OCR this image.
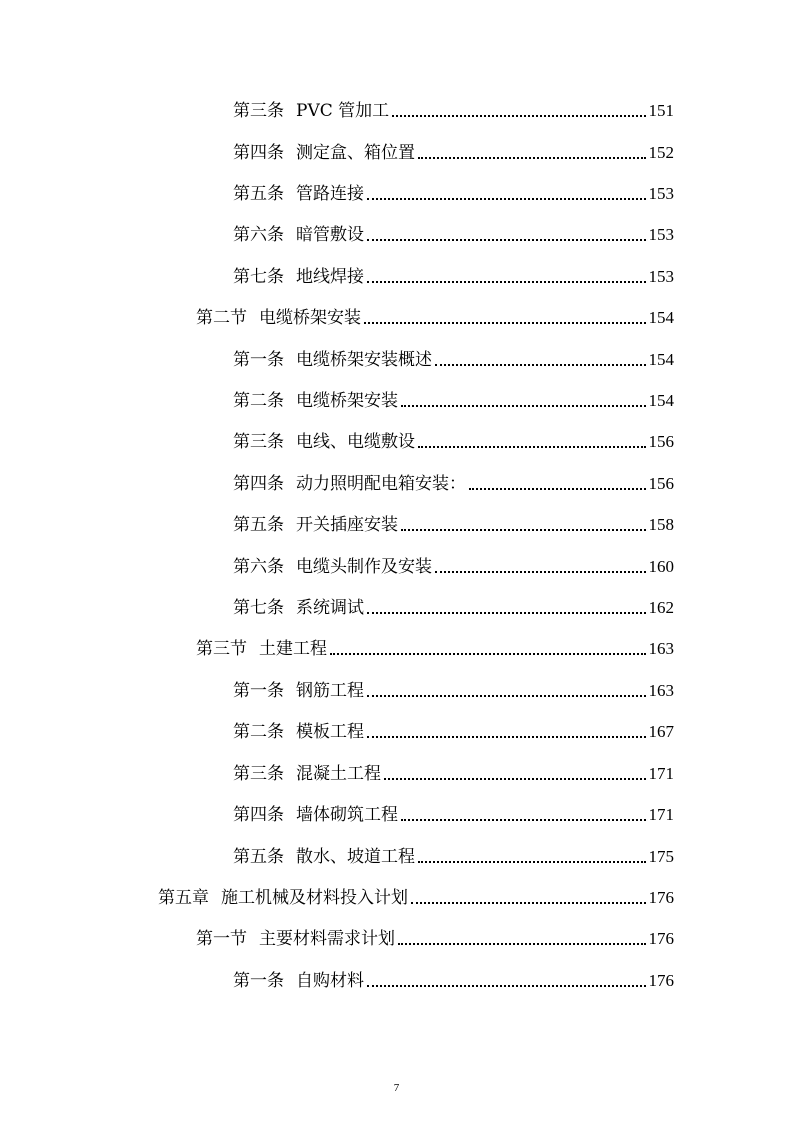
第三条 PVC 管加工	151
第四条 测定盒、箱位置	152
第五条 管路连接	153
第六条 暗管敷设	153
第七条 地线焊接	153
第二节 电缆桥架安装	154
第一条 电缆桥架安装概述	154
第二条 电缆桥架安装	154
第三条 电线、电缆敷设	156
第四条 动力照明配电箱安装：	156
第五条 开关插座安装	158
第六条 电缆头制作及安装	160
第七条 系统调试	162
第三节 土建工程	163
第一条 钢筋工程	163
第二条 模板工程	167
第三条 混凝土工程	171
第四条 墙体砌筑工程	171
第五条 散水、坡道工程	175
第五章 施工机械及材料投入计划	176
第一节 主要材料需求计划	176
第一条 自购材料	176
7
